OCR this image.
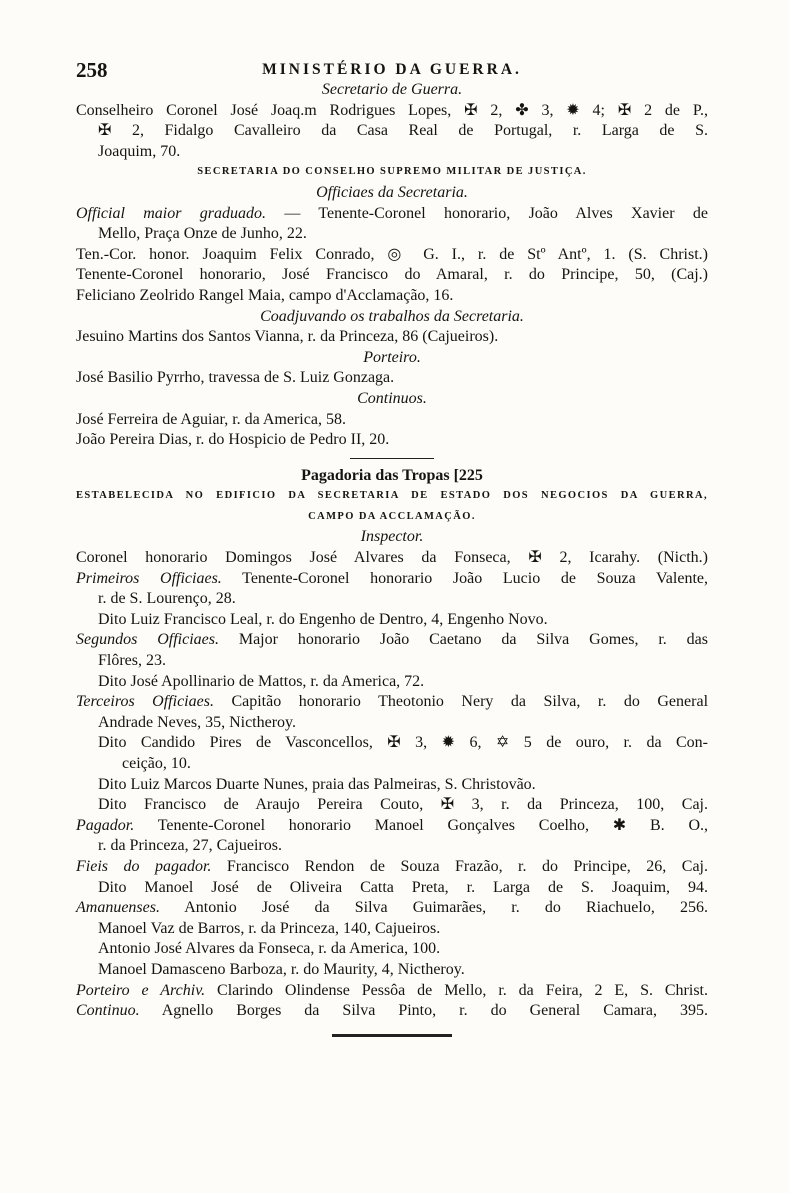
258	MINISTÉRIO DA GUERRA.
Secretario de Guerra.
Conselheiro Coronel José Joaq.m Rodrigues Lopes, ✠ 2, ✤ 3, ✹ 4; ✠ 2 de P.,
✠ 2, Fidalgo Cavalleiro da Casa Real de Portugal, r. Larga de S.
Joaquim, 70.
SECRETARIA DO CONSELHO SUPREMO MILITAR DE JUSTIÇA.
Officiaes da Secretaria.
Official maior graduado. — Tenente-Coronel honorario, João Alves Xavier de
Mello, Praça Onze de Junho, 22.
Ten.-Cor. honor. Joaquim Felix Conrado, ◎ G. I., r. de Stº Antº, 1. (S. Christ.)
Tenente-Coronel honorario, José Francisco do Amaral, r. do Principe, 50, (Caj.)
Feliciano Zeolrido Rangel Maia, campo d'Acclamação, 16.
Coadjuvando os trabalhos da Secretaria.
Jesuino Martins dos Santos Vianna, r. da Princeza, 86 (Cajueiros).
Porteiro.
José Basilio Pyrrho, travessa de S. Luiz Gonzaga.
Continuos.
José Ferreira de Aguiar, r. da America, 58.
João Pereira Dias, r. do Hospicio de Pedro II, 20.
Pagadoria das Tropas [225
ESTABELECIDA NO EDIFICIO DA SECRETARIA DE ESTADO DOS NEGOCIOS DA GUERRA,
CAMPO DA ACCLAMAÇÃO.
Inspector.
Coronel honorario Domingos José Alvares da Fonseca, ✠ 2, Icarahy. (Nicth.)
Primeiros Officiaes. Tenente-Coronel honorario João Lucio de Souza Valente,
r. de S. Lourenço, 28.
Dito Luiz Francisco Leal, r. do Engenho de Dentro, 4, Engenho Novo.
Segundos Officiaes. Major honorario João Caetano da Silva Gomes, r. das
Flôres, 23.
Dito José Apollinario de Mattos, r. da America, 72.
Terceiros Officiaes. Capitão honorario Theotonio Nery da Silva, r. do General
Andrade Neves, 35, Nictheroy.
Dito Candido Pires de Vasconcellos, ✠ 3, ✹ 6, ✡ 5 de ouro, r. da Con-
ceição, 10.
Dito Luiz Marcos Duarte Nunes, praia das Palmeiras, S. Christovão.
Dito Francisco de Araujo Pereira Couto, ✠ 3, r. da Princeza, 100, Caj.
Pagador. Tenente-Coronel honorario Manoel Gonçalves Coelho, ✱ B. O.,
r. da Princeza, 27, Cajueiros.
Fieis do pagador. Francisco Rendon de Souza Frazão, r. do Principe, 26, Caj.
Dito Manoel José de Oliveira Catta Preta, r. Larga de S. Joaquim, 94.
Amanuenses. Antonio José da Silva Guimarães, r. do Riachuelo, 256.
Manoel Vaz de Barros, r. da Princeza, 140, Cajueiros.
Antonio José Alvares da Fonseca, r. da America, 100.
Manoel Damasceno Barboza, r. do Maurity, 4, Nictheroy.
Porteiro e Archiv. Clarindo Olindense Pessôa de Mello, r. da Feira, 2 E, S. Christ.
Continuo. Agnello Borges da Silva Pinto, r. do General Camara, 395.
